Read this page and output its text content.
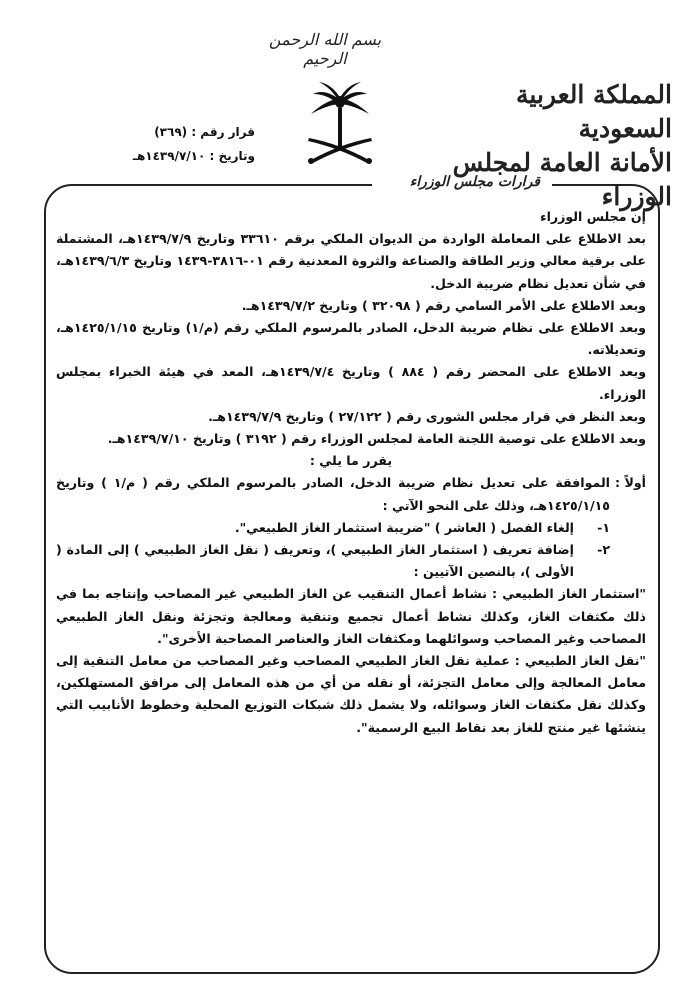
بسم الله الرحمن الرحيم
المملكة العربية السعودية
الأمانة العامة لمجلس الوزراء
قرار رقم : (٣٦٩)
وتاريخ : ١٤٣٩/٧/١٠هـ
قرارات مجلس الوزراء

إن مجلس الوزراء

بعد الاطلاع على المعاملة الواردة من الديوان الملكي برقم ٣٣٦١٠ وتاريخ ١٤٣٩/٧/٩هـ، المشتملة على برقية معالي وزير الطاقة والصناعة والثروة المعدنية رقم ٠١-٣٨١٦-١٤٣٩ وتاريخ ١٤٣٩/٦/٣هـ، في شأن تعديل نظام ضريبة الدخل.

وبعد الاطلاع على الأمر السامي رقم ( ٣٢٠٩٨ ) وتاريخ ١٤٣٩/٧/٢هـ.

وبعد الاطلاع على نظام ضريبة الدخل، الصادر بالمرسوم الملكي رقم (م/١) وتاريخ ١٤٢٥/١/١٥هـ، وتعديلاته.

وبعد الاطلاع على المحضر رقم ( ٨٨٤ ) وتاريخ ١٤٣٩/٧/٤هـ، المعد في هيئة الخبراء بمجلس الوزراء.

وبعد النظر في قرار مجلس الشورى رقم ( ٢٧/١٢٢ ) وتاريخ ١٤٣٩/٧/٩هـ.

وبعد الاطلاع على توصية اللجنة العامة لمجلس الوزراء رقم ( ٣١٩٢ ) وتاريخ ١٤٣٩/٧/١٠هـ.

يقرر ما يلي :

أولاً :
الموافقة على تعديل نظام ضريبة الدخل، الصادر بالمرسوم الملكي رقم ( م/١ ) وتاريخ ١٤٢٥/١/١٥هـ، وذلك على النحو الآتي :
١-
إلغاء الفصل ( العاشر ) "ضريبة استثمار الغاز الطبيعي".
٢-
إضافة تعريف ( استثمار الغاز الطبيعي )، وتعريف ( نقل الغاز الطبيعي ) إلى المادة ( الأولى )، بالنصين الآتيين :

"استثمار الغاز الطبيعي : نشاط أعمال التنقيب عن الغاز الطبيعي غير المصاحب وإنتاجه بما في ذلك مكثفات الغاز، وكذلك نشاط أعمال تجميع وتنقية ومعالجة وتجزئة ونقل الغاز الطبيعي المصاحب وغير المصاحب وسوائلهما ومكثفات الغاز والعناصر المصاحبة الأخرى".

"نقل الغاز الطبيعي : عملية نقل الغاز الطبيعي المصاحب وغير المصاحب من معامل التنقية إلى معامل المعالجة وإلى معامل التجزئة، أو نقله من أي من هذه المعامل إلى مرافق المستهلكين، وكذلك نقل مكثفات الغاز وسوائله، ولا يشمل ذلك شبكات التوزيع المحلية وخطوط الأنابيب التي ينشئها غير منتج للغاز بعد نقاط البيع الرسمية".
